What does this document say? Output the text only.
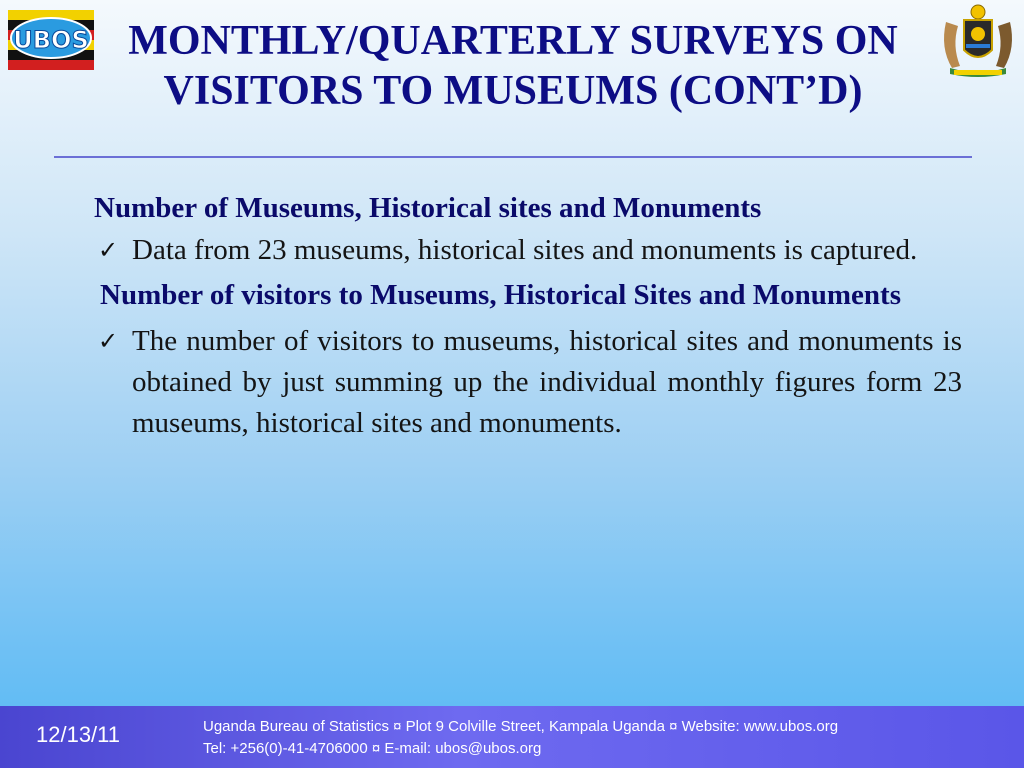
UBOS MONTHLY/QUARTERLY SURVEYS ON
VISITORS TO MUSEUMS (CONT’D)

Number of Museums, Historical sites and Monuments

✓ Data from 23 museums, historical sites and monuments is captured.

Number of visitors to Museums, Historical Sites and Monuments

✓ The number of visitors to museums, historical sites and monuments is obtained by just summing up the individual monthly figures form 23 museums, historical sites and monuments.
12/13/11	Uganda Bureau of Statistics ¤ Plot 9 Colville Street, Kampala Uganda ¤ Website: www.ubos.org
Tel: +256(0)-41-4706000 ¤ E-mail: ubos@ubos.org
